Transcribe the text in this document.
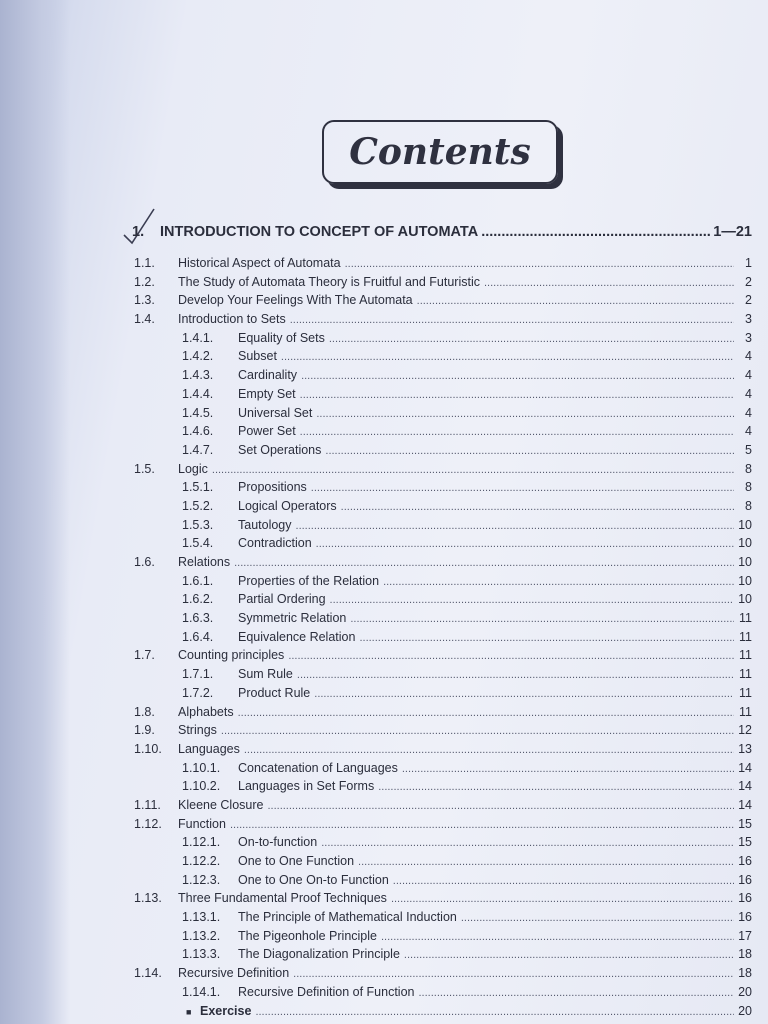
Contents
1.	INTRODUCTION TO CONCEPT OF AUTOMATA .....	1—21
1.1.	Historical Aspect of Automata .....	1
1.2.	The Study of Automata Theory is Fruitful and Futuristic .....	2
1.3.	Develop Your Feelings With The Automata .....	2
1.4.	Introduction to Sets .....	3
1.4.1.	Equality of Sets .....	3
1.4.2.	Subset .....	4
1.4.3.	Cardinality .....	4
1.4.4.	Empty Set .....	4
1.4.5.	Universal Set .....	4
1.4.6.	Power Set .....	4
1.4.7.	Set Operations .....	5
1.5.	Logic .....	8
1.5.1.	Propositions .....	8
1.5.2.	Logical Operators .....	8
1.5.3.	Tautology .....	10
1.5.4.	Contradiction .....	10
1.6.	Relations .....	10
1.6.1.	Properties of the Relation .....	10
1.6.2.	Partial Ordering .....	10
1.6.3.	Symmetric Relation .....	11
1.6.4.	Equivalence Relation .....	11
1.7.	Counting principles .....	11
1.7.1.	Sum Rule .....	11
1.7.2.	Product Rule .....	11
1.8.	Alphabets .....	11
1.9.	Strings .....	12
1.10.	Languages .....	13
1.10.1.	Concatenation of Languages .....	14
1.10.2.	Languages in Set Forms .....	14
1.11.	Kleene Closure .....	14
1.12.	Function .....	15
1.12.1.	On-to-function .....	15
1.12.2.	One to One Function .....	16
1.12.3.	One to One On-to Function .....	16
1.13.	Three Fundamental Proof Techniques .....	16
1.13.1.	The Principle of Mathematical Induction .....	16
1.13.2.	The Pigeonhole Principle .....	17
1.13.3.	The Diagonalization Principle .....	18
1.14.	Recursive Definition .....	18
1.14.1.	Recursive Definition of Function .....	20
■ Exercise .....	20
